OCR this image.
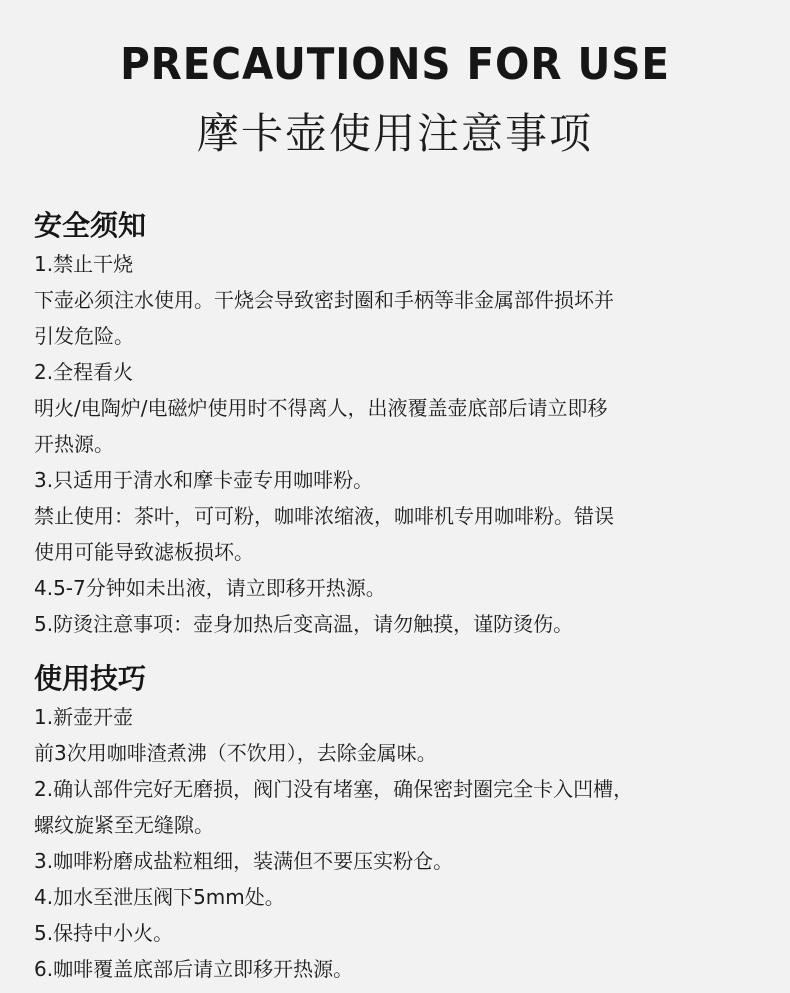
PRECAUTIONS FOR USE
摩卡壶使用注意事项

安全须知

1.禁止干烧

下壶必须注水使用。干烧会导致密封圈和手柄等非金属部件损坏并

引发危险。

2.全程看火

明火/电陶炉/电磁炉使用时不得离人，出液覆盖壶底部后请立即移

开热源。

3.只适用于清水和摩卡壶专用咖啡粉。

禁止使用：茶叶，可可粉，咖啡浓缩液，咖啡机专用咖啡粉。错误

使用可能导致滤板损坏。

4.5-7分钟如未出液，请立即移开热源。

5.防烫注意事项：壶身加热后变高温，请勿触摸，谨防烫伤。

使用技巧

1.新壶开壶

前3次用咖啡渣煮沸（不饮用），去除金属味。

2.确认部件完好无磨损，阀门没有堵塞，确保密封圈完全卡入凹槽，

螺纹旋紧至无缝隙。

3.咖啡粉磨成盐粒粗细，装满但不要压实粉仓。

4.加水至泄压阀下5mm处。

5.保持中小火。

6.咖啡覆盖底部后请立即移开热源。
